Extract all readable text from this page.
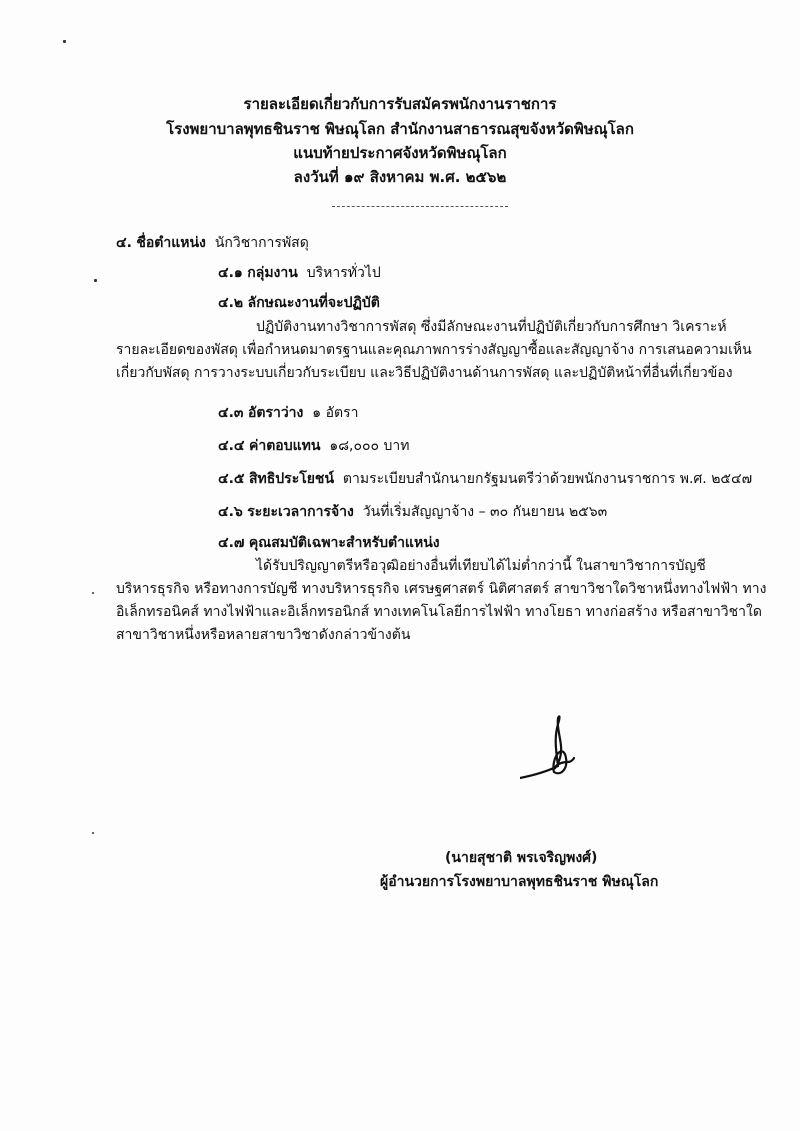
รายละเอียดเกี่ยวกับการรับสมัครพนักงานราชการ
โรงพยาบาลพุทธชินราช พิษณุโลก สำนักงานสาธารณสุขจังหวัดพิษณุโลก
แนบท้ายประกาศจังหวัดพิษณุโลก
ลงวันที่ ๑๙ สิงหาคม พ.ศ. ๒๕๖๒
๔. ชื่อตำแหน่ง นักวิชาการพัสดุ
๔.๑ กลุ่มงาน บริหารทั่วไป
๔.๒ ลักษณะงานที่จะปฏิบัติ
ปฏิบัติงานทางวิชาการพัสดุ ซึ่งมีลักษณะงานที่ปฏิบัติเกี่ยวกับการศึกษา วิเคราะห์
รายละเอียดของพัสดุ เพื่อกำหนดมาตรฐานและคุณภาพการร่างสัญญาซื้อและสัญญาจ้าง การเสนอความเห็น
เกี่ยวกับพัสดุ การวางระบบเกี่ยวกับระเบียบ และวิธีปฏิบัติงานด้านการพัสดุ และปฏิบัติหน้าที่อื่นที่เกี่ยวข้อง
๔.๓ อัตราว่าง ๑ อัตรา
๔.๔ ค่าตอบแทน ๑๘,๐๐๐ บาท
๔.๕ สิทธิประโยชน์ ตามระเบียบสำนักนายกรัฐมนตรีว่าด้วยพนักงานราชการ พ.ศ. ๒๕๔๗
๔.๖ ระยะเวลาการจ้าง วันที่เริ่มสัญญาจ้าง – ๓๐ กันยายน ๒๕๖๓
๔.๗ คุณสมบัติเฉพาะสำหรับตำแหน่ง
ได้รับปริญญาตรีหรือวุฒิอย่างอื่นที่เทียบได้ไม่ต่ำกว่านี้ ในสาขาวิชาการบัญชี
บริหารธุรกิจ หรือทางการบัญชี ทางบริหารธุรกิจ เศรษฐศาสตร์ นิติศาสตร์ สาขาวิชาใดวิชาหนึ่งทางไฟฟ้า ทาง
อิเล็กทรอนิคส์ ทางไฟฟ้าและอิเล็กทรอนิกส์ ทางเทคโนโลยีการไฟฟ้า ทางโยธา ทางก่อสร้าง หรือสาขาวิชาใด
สาขาวิชาหนึ่งหรือหลายสาขาวิชาดังกล่าวข้างต้น
(นายสุชาติ พรเจริญพงศ์)
ผู้อำนวยการโรงพยาบาลพุทธชินราช พิษณุโลก
